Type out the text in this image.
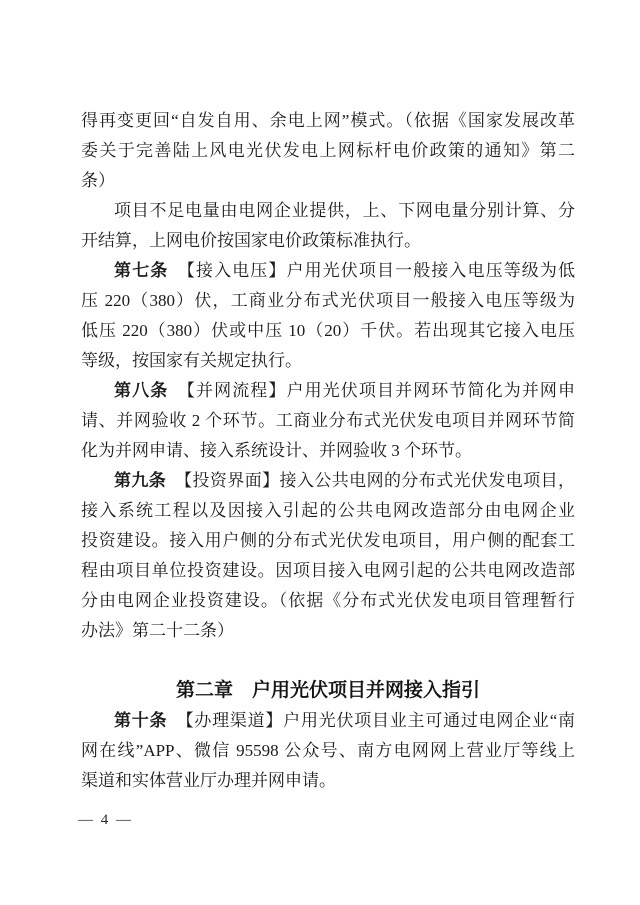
得再变更回“自发自用、余电上网”模式。（依据《国家发展改革
委关于完善陆上风电光伏发电上网标杆电价政策的通知》第二
条）
项目不足电量由电网企业提供，上、下网电量分别计算、分
开结算，上网电价按国家电价政策标准执行。
第七条　【接入电压】户用光伏项目一般接入电压等级为低
压 220（380）伏，工商业分布式光伏项目一般接入电压等级为
低压 220（380）伏或中压 10（20）千伏。若出现其它接入电压
等级，按国家有关规定执行。
第八条　【并网流程】户用光伏项目并网环节简化为并网申
请、并网验收 2 个环节。工商业分布式光伏发电项目并网环节简
化为并网申请、接入系统设计、并网验收 3 个环节。
第九条　【投资界面】接入公共电网的分布式光伏发电项目，
接入系统工程以及因接入引起的公共电网改造部分由电网企业
投资建设。接入用户侧的分布式光伏发电项目，用户侧的配套工
程由项目单位投资建设。因项目接入电网引起的公共电网改造部
分由电网企业投资建设。（依据《分布式光伏发电项目管理暂行
办法》第二十二条）
第二章　户用光伏项目并网接入指引
第十条　【办理渠道】户用光伏项目业主可通过电网企业“南
网在线”APP、微信 95598 公众号、南方电网网上营业厅等线上
渠道和实体营业厅办理并网申请。
— 4 —
